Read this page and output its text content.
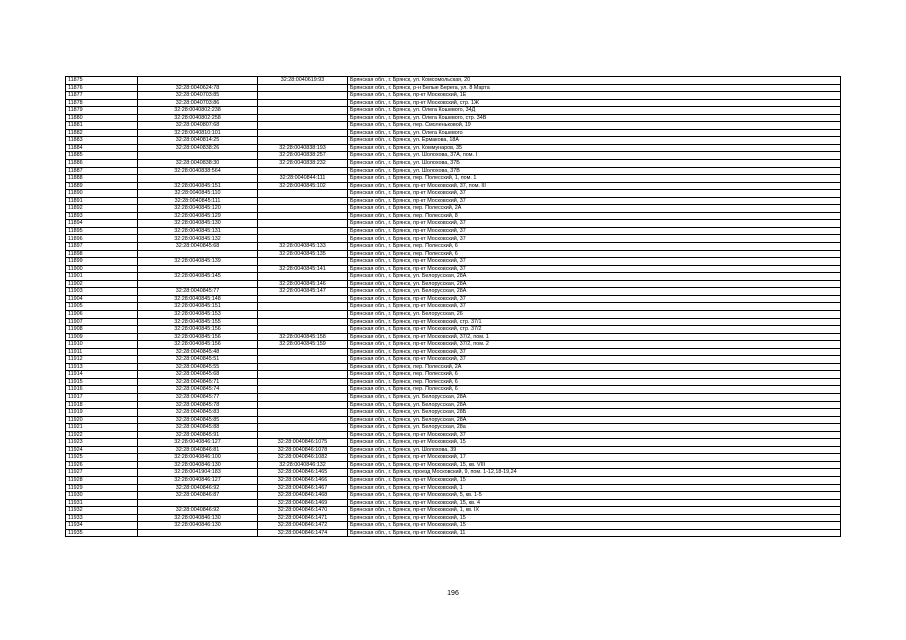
11875		32:28:0040619:93	Брянская обл., г. Брянск, ул. Комсомольская, 20
11876	32:28:0040624:78		Брянская обл., г. Брянск, р-н Белые Берега, ул. 8 Марта
11877	32:28:0040703:85		Брянская обл., г. Брянск, пр-кт Московский, 1Е
11878	32:28:0040703:86		Брянская обл., г. Брянск, пр-кт Московский, стр. 1Ж
11879	32:28:0040802:238		Брянская обл., г. Брянск, ул. Олега Кошевого, 34Д
11880	32:28:0040802:258		Брянская обл., г. Брянск, ул. Олега Кошевого, стр. 34В
11881	32:28:0040807:68		Брянская обл., г. Брянск, пер. Смоленьковой, 19
11882	32:28:0040810:101		Брянская обл., г. Брянск, ул. Олега Кошевого
11883	32:28:0040814:25		Брянская обл., г. Брянск, ул. Ермакова, 18А
11884	32:28:0040838:26	32:28:0040838:193	Брянская обл., г. Брянск, ул. Коммунаров, 35
11885		32:28:0040838:257	Брянская обл., г. Брянск, ул. Шолохова, 37А, пом. I
11886	32:28:0040838:30	32:28:0040838:232	Брянская обл., г. Брянск, ул. Шолохова, 37Б
11887	32:28:0040838:564		Брянская обл., г. Брянск, ул. Шолохова, 37В
11888		32:28:0040844:111	Брянская обл., г. Брянск, пер. Полесский, 1, пом. 1
11889	32:28:0040845:151	32:28:0040845:102	Брянская обл., г. Брянск, пр-кт Московский, 37, пом. III
11890	32:28:0040845:110		Брянская обл., г. Брянск, пр-кт Московский, 37
11891	32:28:0040845:111		Брянская обл., г. Брянск, пр-кт Московский, 37
11892	32:28:0040845:120		Брянская обл., г. Брянск, пер. Полесский, 2А
11893	32:28:0040845:129		Брянская обл., г. Брянск, пер. Полесский, 8
11894	32:28:0040845:130		Брянская обл., г. Брянск, пр-кт Московский, 37
11895	32:28:0040845:131		Брянская обл., г. Брянск, пр-кт Московский, 37
11896	32:28:0040845:132		Брянская обл., г. Брянск, пр-кт Московский, 37
11897	32:28:0040845:68	32:28:0040845:133	Брянская обл., г. Брянск, пер. Полесский, 6
11898		32:28:0040845:135	Брянская обл., г. Брянск, пер. Полесский, 6
11899	32:28:0040845:139		Брянская обл., г. Брянск, пр-кт Московский, 37
11900		32:28:0040845:141	Брянская обл., г. Брянск, пр-кт Московский, 37
11901	32:28:0040845:145		Брянская обл., г. Брянск, ул. Белорусская, 28А
11902		32:28:0040845:146	Брянская обл., г. Брянск, ул. Белорусская, 28А
11903	32:28:0040845:77	32:28:0040845:147	Брянская обл., г. Брянск, ул. Белорусская, 28А
11904	32:28:0040845:148		Брянская обл., г. Брянск, пр-кт Московский, 37
11905	32:28:0040845:151		Брянская обл., г. Брянск, пр-кт Московский, 37
11906	32:28:0040845:153		Брянская обл., г. Брянск, ул. Белорусская, 26
11907	32:28:0040845:155		Брянская обл., г. Брянск, пр-кт Московский, стр. 37/1
11908	32:28:0040845:156		Брянская обл., г. Брянск, пр-кт Московский, стр. 37/2
11909	32:28:0040845:156	32:28:0040845:158	Брянская обл., г. Брянск, пр-кт Московский, 37/2, пом. 1
11910	32:28:0040845:156	32:28:0040845:159	Брянская обл., г. Брянск, пр-кт Московский, 37/2, пом. 2
11911	32:28:0040845:48		Брянская обл., г. Брянск, пр-кт Московский, 37
11912	32:28:0040845:51		Брянская обл., г. Брянск, пр-кт Московский, 37
11913	32:28:0040845:55		Брянская обл., г. Брянск, пер. Полесский, 2А
11914	32:28:0040845:68		Брянская обл., г. Брянск, пер. Полесский, 6
11915	32:28:0040845:71		Брянская обл., г. Брянск, пер. Полесский, 6
11916	32:28:0040845:74		Брянская обл., г. Брянск, пер. Полесский, 6
11917	32:28:0040845:77		Брянская обл., г. Брянск, ул. Белорусская, 28А
11918	32:28:0040845:78		Брянская обл., г. Брянск, ул. Белорусская, 28А
11919	32:28:0040845:83		Брянская обл., г. Брянск, ул. Белорусская, 28Б
11920	32:28:0040845:85		Брянская обл., г. Брянск, ул. Белорусская, 28А
11921	32:28:0040845:88		Брянская обл., г. Брянск, ул. Белорусская, 28а
11922	32:28:0040845:91		Брянская обл., г. Брянск, пр-кт Московский, 37
11923	32:28:0040846:127	32:28:0040846:1075	Брянская обл., г. Брянск, пр-кт Московский, 15
11924	32:28:0040846:81	32:28:0040846:1078	Брянская обл., г. Брянск, ул. Шолохова, 39
11925	32:28:0040846:100	32:28:0040846:1082	Брянская обл., г. Брянск, пр-кт Московский, 17
11926	32:28:0040846:130	32:28:0040846:132	Брянская обл., г. Брянск, пр-кт Московский, 15, кв. VIII
11927	32:28:0041904:183	32:28:0040846:1465	Брянская обл., г. Брянск, проезд Московский, 9, пом. 1-12,18-19,24
11928	32:28:0040846:127	32:28:0040846:1466	Брянская обл., г. Брянск, пр-кт Московский, 15
11929	32:28:0040846:92	32:28:0040846:1467	Брянская обл., г. Брянск, пр-кт Московский, 1
11930	32:28:0040846:87	32:28:0040846:1468	Брянская обл., г. Брянск, пр-кт Московский, 5, кв. 1-5
11931		32:28:0040846:1469	Брянская обл., г. Брянск, пр-кт Московский, 15, кв. 4
11932	32:28:0040846:92	32:28:0040846:1470	Брянская обл., г. Брянск, пр-кт Московский, 1, кв. IX
11933	32:28:0040846:130	32:28:0040846:1471	Брянская обл., г. Брянск, пр-кт Московский, 15
11934	32:28:0040846:130	32:28:0040846:1472	Брянская обл., г. Брянск, пр-кт Московский, 15
11935		32:28:0040846:1474	Брянская обл., г. Брянск, пр-кт Московский, 11
196
